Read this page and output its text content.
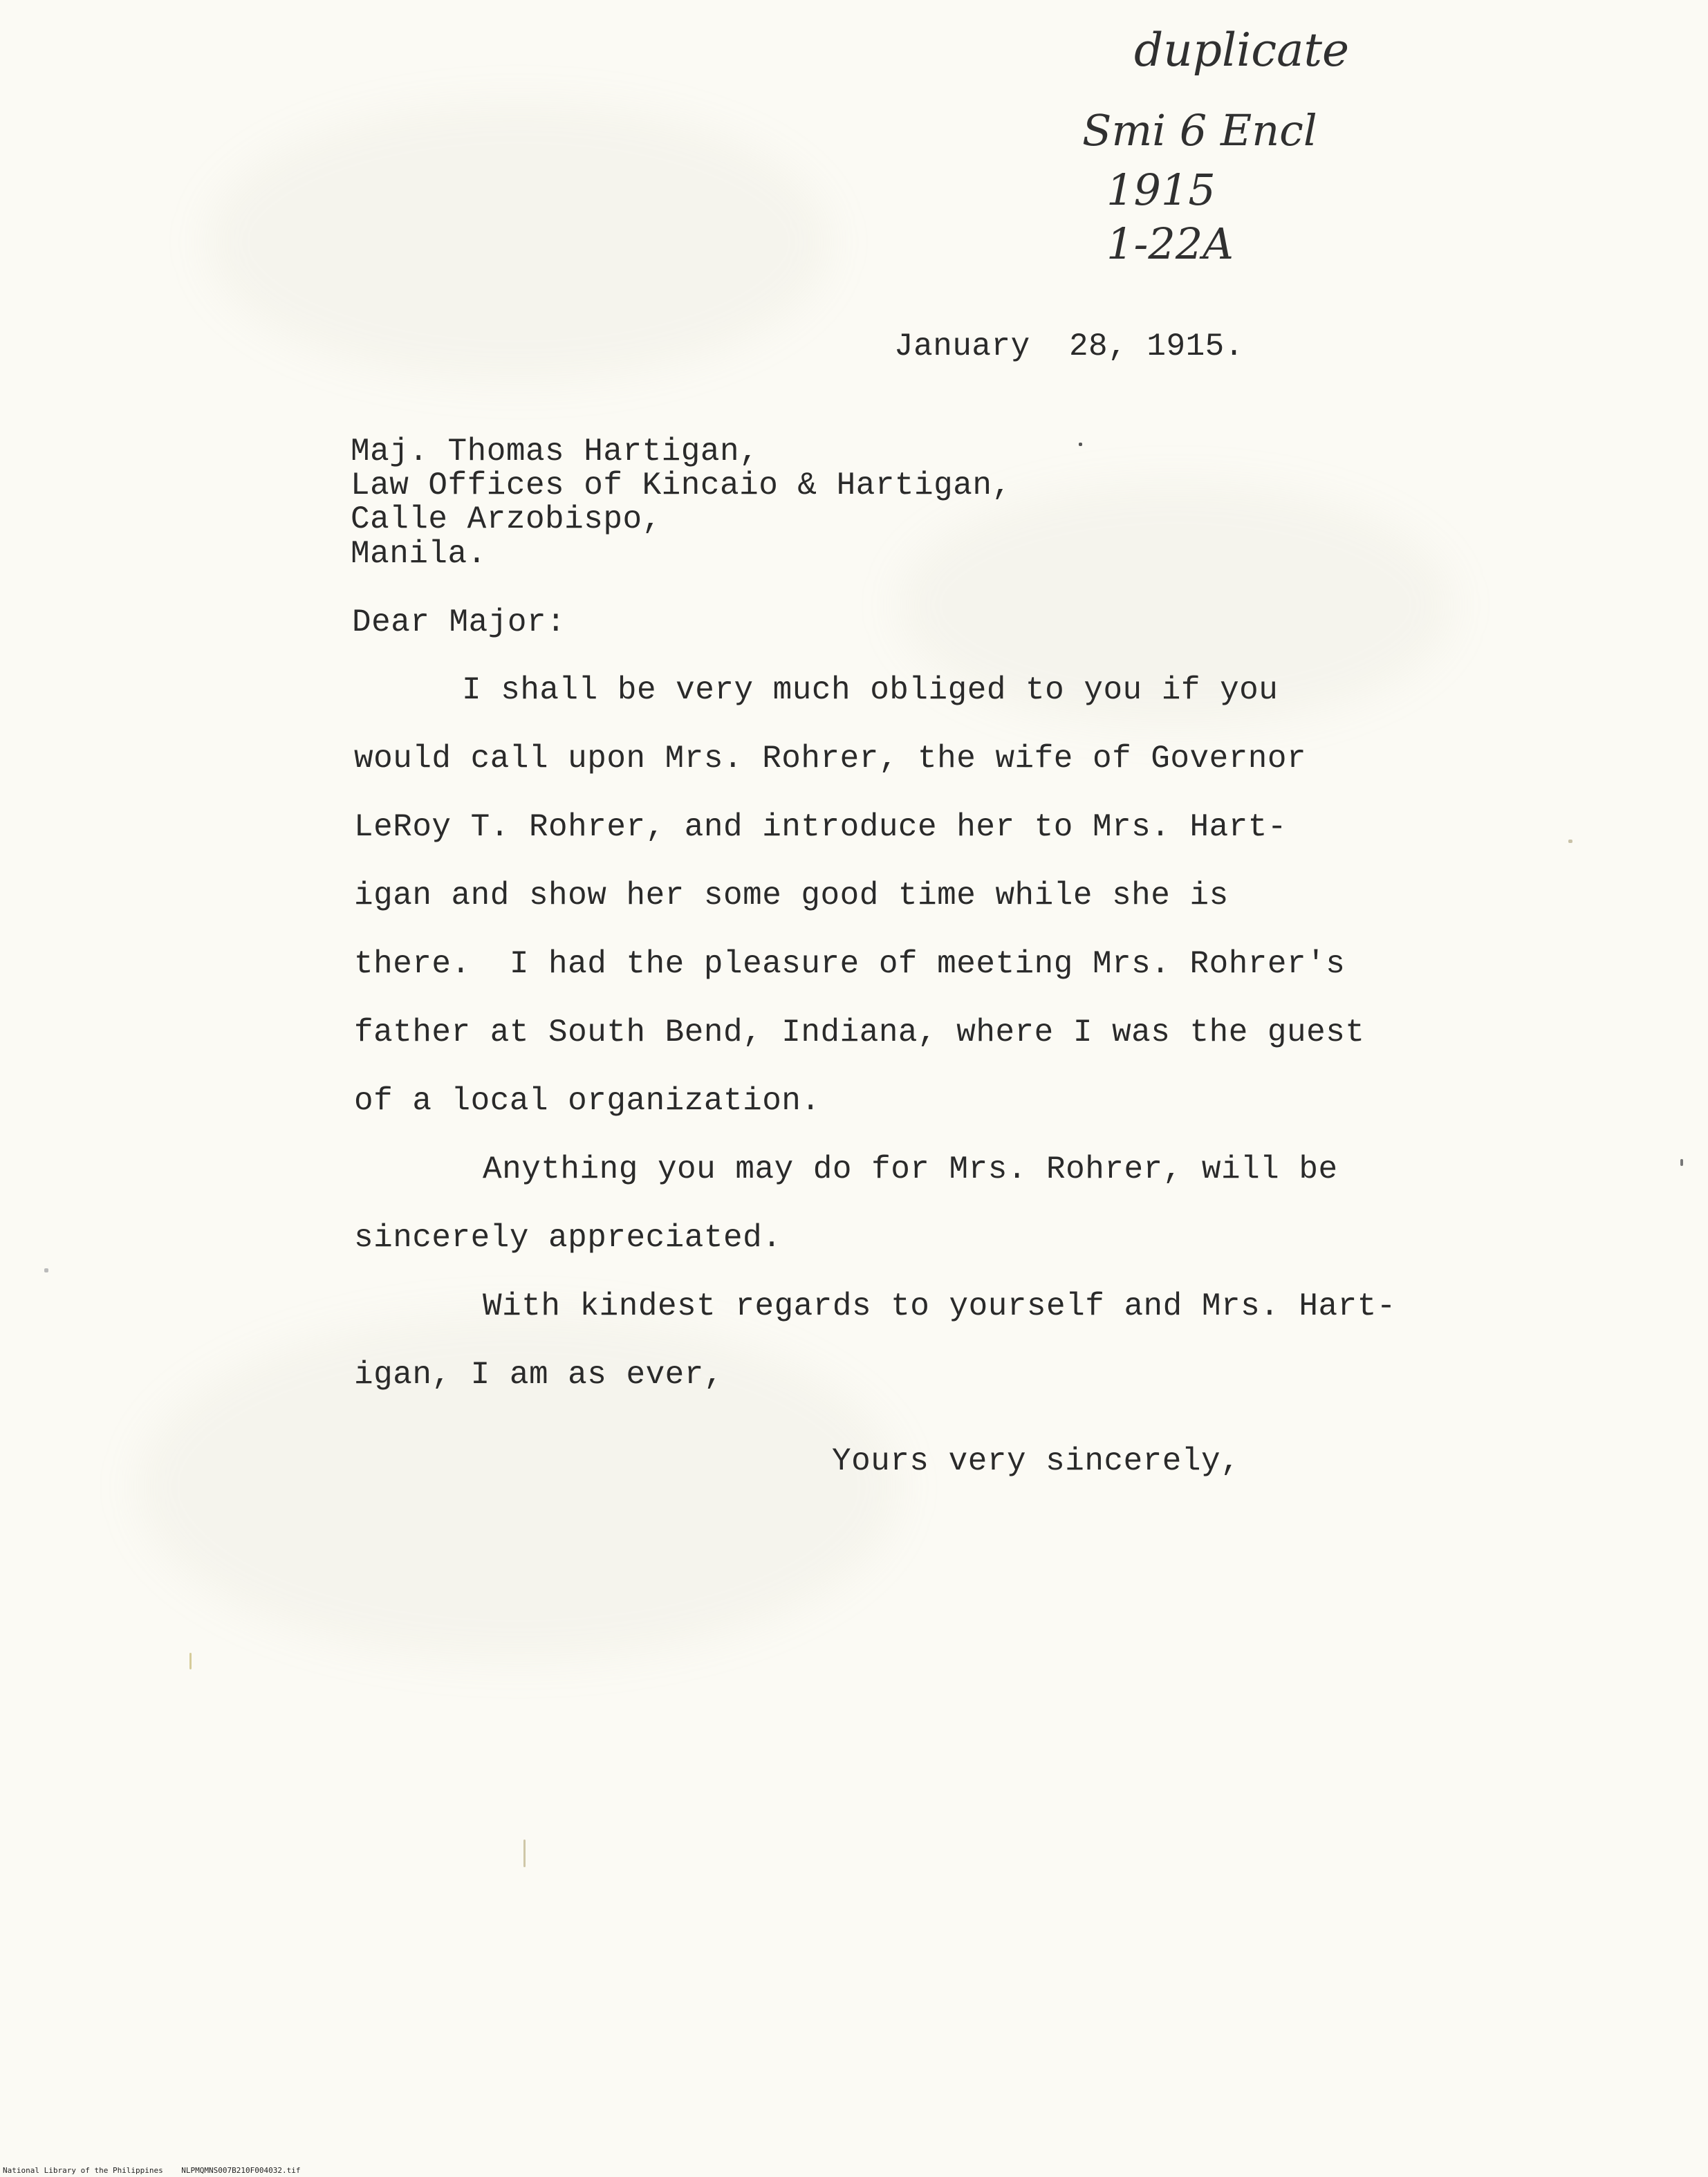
duplicate
Smi 6 Encl
1915
1-22A
January  28, 1915.
Maj. Thomas Hartigan,
Law Offices of Kincaio & Hartigan,
Calle Arzobispo,
Manila.
Dear Major:
I shall be very much obliged to you if you
would call upon Mrs. Rohrer, the wife of Governor
LeRoy T. Rohrer, and introduce her to Mrs. Hart-
igan and show her some good time while she is
there.  I had the pleasure of meeting Mrs. Rohrer's
father at South Bend, Indiana, where I was the guest
of a local organization.
Anything you may do for Mrs. Rohrer, will be
sincerely appreciated.
With kindest regards to yourself and Mrs. Hart-
igan, I am as ever,
Yours very sincerely,
National Library of the Philippines    NLPMQMNS007B210F004032.tif
